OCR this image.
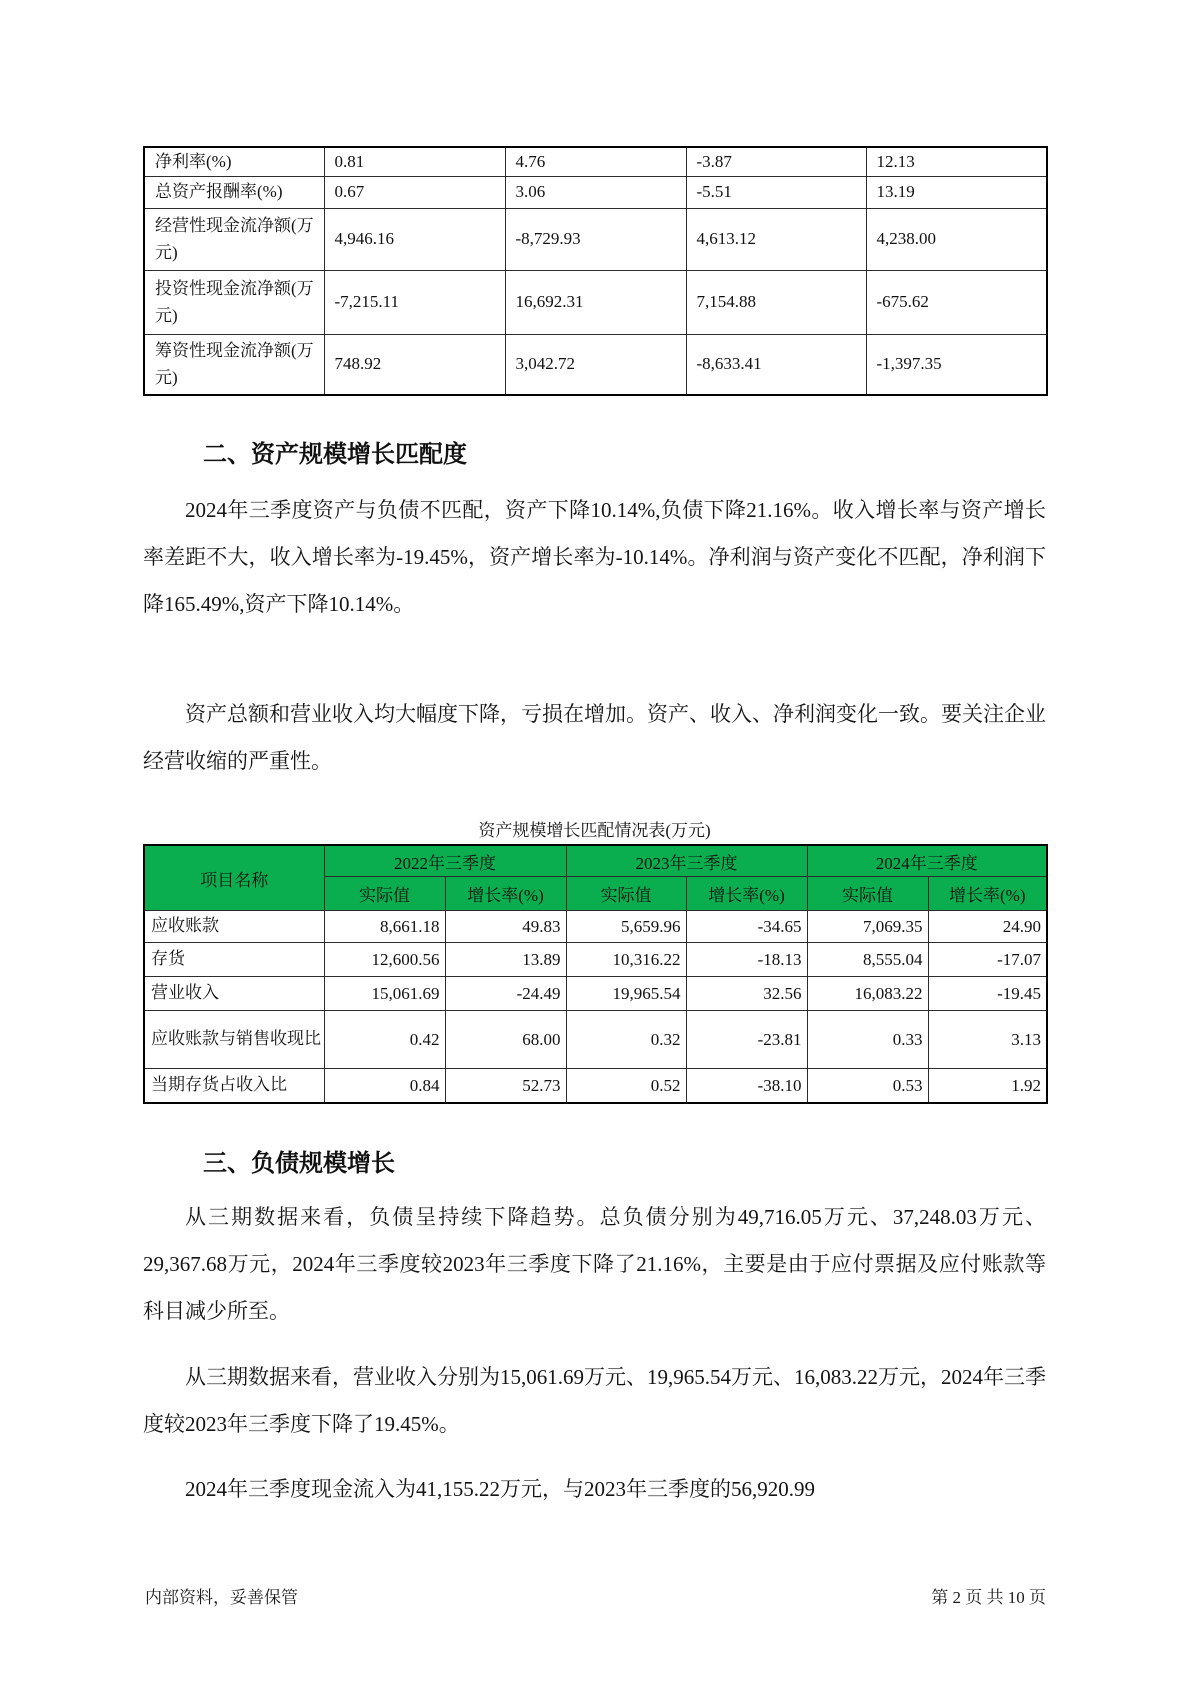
净利率(%)	0.81	4.76	-3.87	12.13
总资产报酬率(%)	0.67	3.06	-5.51	13.19
经营性现金流净额(万元)	4,946.16	-8,729.93	4,613.12	4,238.00
投资性现金流净额(万元)	-7,215.11	16,692.31	7,154.88	-675.62
筹资性现金流净额(万元)	748.92	3,042.72	-8,633.41	-1,397.35
二、资产规模增长匹配度

2024年三季度资产与负债不匹配，资产下降10.14%,负债下降21.16%。收入增长率与资产增长率差距不大，收入增长率为-19.45%，资产增长率为-10.14%。净利润与资产变化不匹配，净利润下降165.49%,资产下降10.14%。

资产总额和营业收入均大幅度下降，亏损在增加。资产、收入、净利润变化一致。要关注企业经营收缩的严重性。

资产规模增长匹配情况表(万元)
项目名称	2022年三季度		2023年三季度		2024年三季度	
	实际值	增长率(%)	实际值	增长率(%)	实际值	增长率(%)
应收账款	8,661.18	49.83	5,659.96	-34.65	7,069.35	24.90
存货	12,600.56	13.89	10,316.22	-18.13	8,555.04	-17.07
营业收入	15,061.69	-24.49	19,965.54	32.56	16,083.22	-19.45
应收账款与销售收现比	0.42	68.00	0.32	-23.81	0.33	3.13
当期存货占收入比	0.84	52.73	0.52	-38.10	0.53	1.92
三、负债规模增长

从三期数据来看，负债呈持续下降趋势。总负债分别为49,716.05万元、37,248.03万元、29,367.68万元，2024年三季度较2023年三季度下降了21.16%，主要是由于应付票据及应付账款等科目减少所至。

从三期数据来看，营业收入分别为15,061.69万元、19,965.54万元、16,083.22万元，2024年三季度较2023年三季度下降了19.45%。

2024年三季度现金流入为41,155.22万元，与2023年三季度的56,920.99

内部资料，妥善保管	第 2 页 共 10 页
